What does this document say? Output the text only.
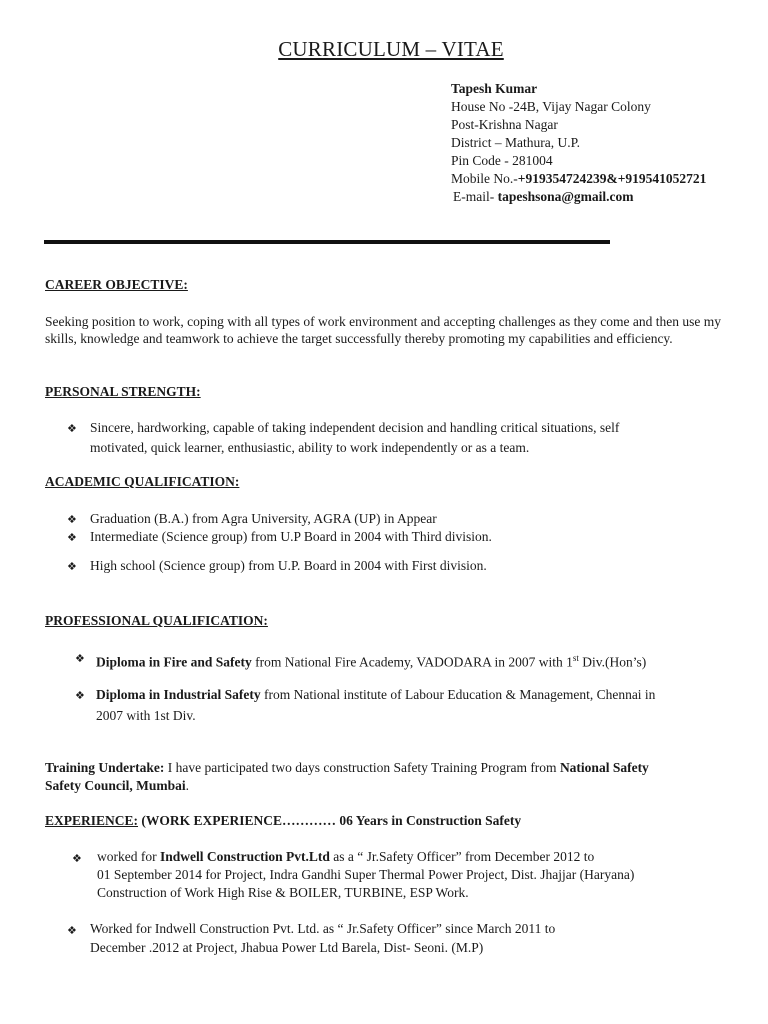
CURRICULUM – VITAE
Tapesh Kumar
House No -24B, Vijay Nagar Colony
Post-Krishna Nagar
District – Mathura, U.P.
Pin Code - 281004
Mobile No.-+919354724239&+919541052721
E-mail- tapeshsona@gmail.com
CAREER OBJECTIVE:
Seeking position to work, coping with all types of work environment and accepting challenges as they come and then use my skills, knowledge and teamwork to achieve the target successfully thereby promoting my capabilities and efficiency.
PERSONAL STRENGTH:
❖ Sincere, hardworking, capable of taking independent decision and handling critical situations, self
motivated, quick learner, enthusiastic, ability to work independently or as a team.
ACADEMIC QUALIFICATION:
❖ Graduation (B.A.) from Agra University, AGRA (UP) in Appear
❖ Intermediate (Science group) from U.P Board in 2004 with Third division.
❖ High school (Science group) from U.P. Board in 2004 with First division.
PROFESSIONAL QUALIFICATION:
❖ Diploma in Fire and Safety from National Fire Academy, VADODARA in 2007 with 1st Div.(Hon’s)
❖ Diploma in Industrial Safety from National institute of Labour Education & Management, Chennai in
2007 with 1st Div.
Training Undertake: I have participated two days construction Safety Training Program from National Safety
Safety Council, Mumbai.
EXPERIENCE: (WORK EXPERIENCE………… 06 Years in Construction Safety
❖ worked for Indwell Construction Pvt.Ltd as a “ Jr.Safety Officer” from December 2012 to
01 September 2014 for Project, Indra Gandhi Super Thermal Power Project, Dist. Jhajjar (Haryana)
Construction of Work High Rise & BOILER, TURBINE, ESP Work.
❖ Worked for Indwell Construction Pvt. Ltd. as “ Jr.Safety Officer” since March 2011 to
December .2012 at Project, Jhabua Power Ltd Barela, Dist- Seoni. (M.P)
